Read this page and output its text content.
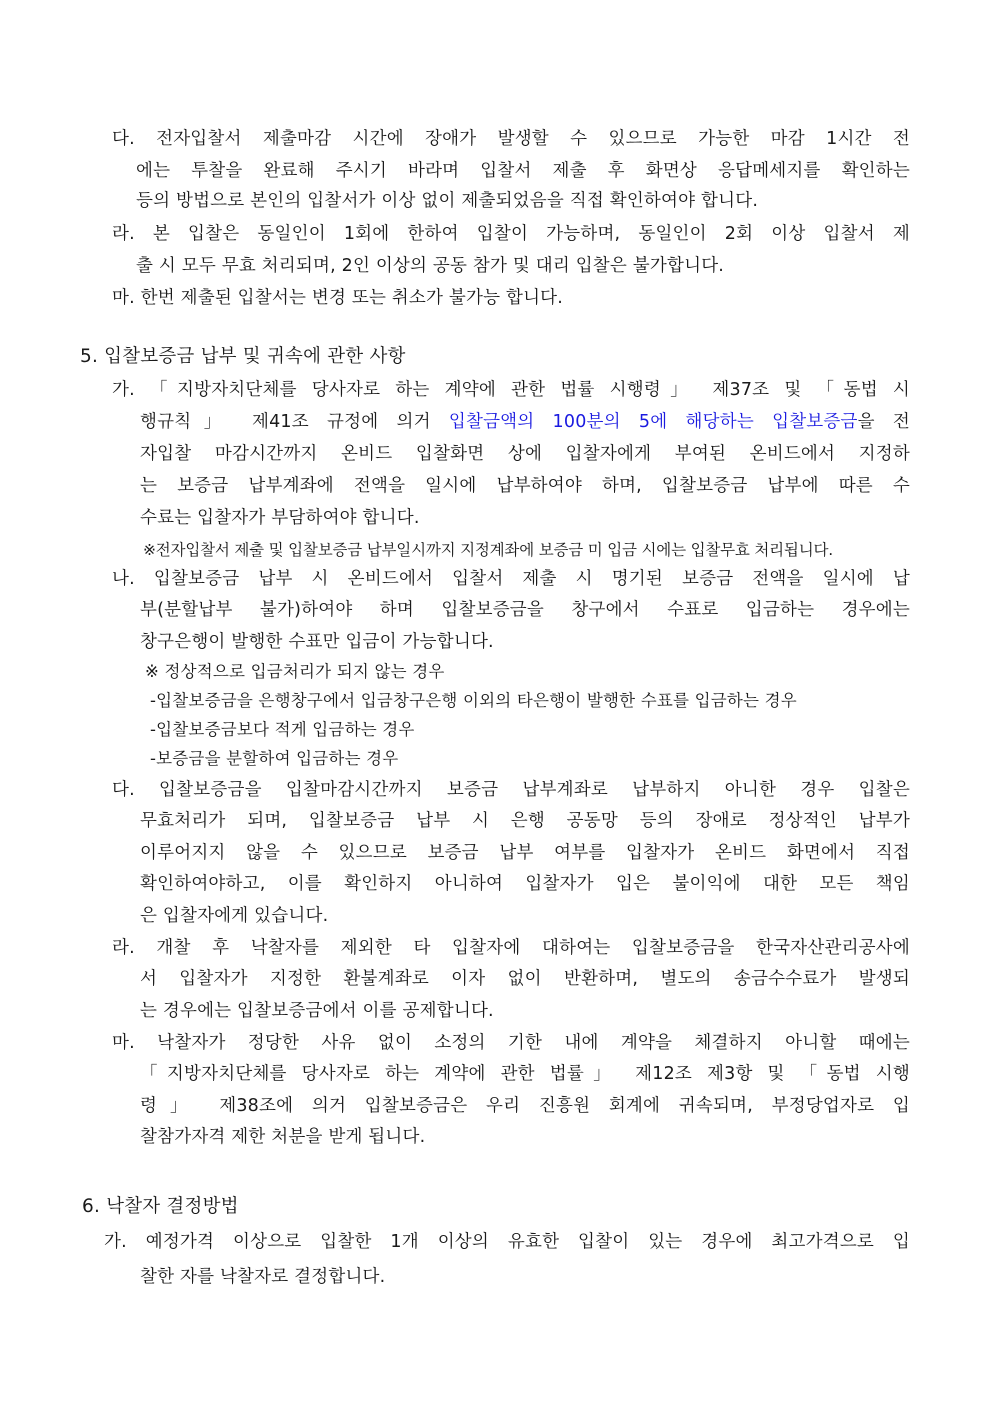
다. 전자입찰서 제출마감 시간에 장애가 발생할 수 있으므로 가능한 마감 1시간 전
에는 투찰을 완료해 주시기 바라며 입찰서 제출 후 화면상 응답메세지를 확인하는
등의 방법으로 본인의 입찰서가 이상 없이 제출되었음을 직접 확인하여야 합니다.
라. 본 입찰은 동일인이 1회에 한하여 입찰이 가능하며, 동일인이 2회 이상 입찰서 제
출 시 모두 무효 처리되며, 2인 이상의 공동 참가 및 대리 입찰은 불가합니다.
마. 한번 제출된 입찰서는 변경 또는 취소가 불가능 합니다.
5. 입찰보증금 납부 및 귀속에 관한 사항
가. 「지방자치단체를 당사자로 하는 계약에 관한 법률 시행령」 제37조 및 「동법 시
행규칙」 제41조 규정에 의거 입찰금액의 100분의 5에 해당하는 입찰보증금을 전
자입찰 마감시간까지 온비드 입찰화면 상에 입찰자에게 부여된 온비드에서 지정하
는 보증금 납부계좌에 전액을 일시에 납부하여야 하며, 입찰보증금 납부에 따른 수
수료는 입찰자가 부담하여야 합니다.
※전자입찰서 제출 및 입찰보증금 납부일시까지 지정계좌에 보증금 미 입금 시에는 입찰무효 처리됩니다.
나. 입찰보증금 납부 시 온비드에서 입찰서 제출 시 명기된 보증금 전액을 일시에 납
부(분할납부 불가)하여야 하며 입찰보증금을 창구에서 수표로 입금하는 경우에는
창구은행이 발행한 수표만 입금이 가능합니다.
※ 정상적으로 입금처리가 되지 않는 경우
-입찰보증금을 은행창구에서 입금창구은행 이외의 타은행이 발행한 수표를 입금하는 경우
-입찰보증금보다 적게 입금하는 경우
-보증금을 분할하여 입금하는 경우
다. 입찰보증금을 입찰마감시간까지 보증금 납부계좌로 납부하지 아니한 경우 입찰은
무효처리가 되며, 입찰보증금 납부 시 은행 공동망 등의 장애로 정상적인 납부가
이루어지지 않을 수 있으므로 보증금 납부 여부를 입찰자가 온비드 화면에서 직접
확인하여야하고, 이를 확인하지 아니하여 입찰자가 입은 불이익에 대한 모든 책임
은 입찰자에게 있습니다.
라. 개찰 후 낙찰자를 제외한 타 입찰자에 대하여는 입찰보증금을 한국자산관리공사에
서 입찰자가 지정한 환불계좌로 이자 없이 반환하며, 별도의 송금수수료가 발생되
는 경우에는 입찰보증금에서 이를 공제합니다.
마. 낙찰자가 정당한 사유 없이 소정의 기한 내에 계약을 체결하지 아니할 때에는
「지방자치단체를 당사자로 하는 계약에 관한 법률」 제12조 제3항 및 「동법 시행
령」 제38조에 의거 입찰보증금은 우리 진흥원 회계에 귀속되며, 부정당업자로 입
찰참가자격 제한 처분을 받게 됩니다.
6. 낙찰자 결정방법
가. 예정가격 이상으로 입찰한 1개 이상의 유효한 입찰이 있는 경우에 최고가격으로 입
찰한 자를 낙찰자로 결정합니다.
